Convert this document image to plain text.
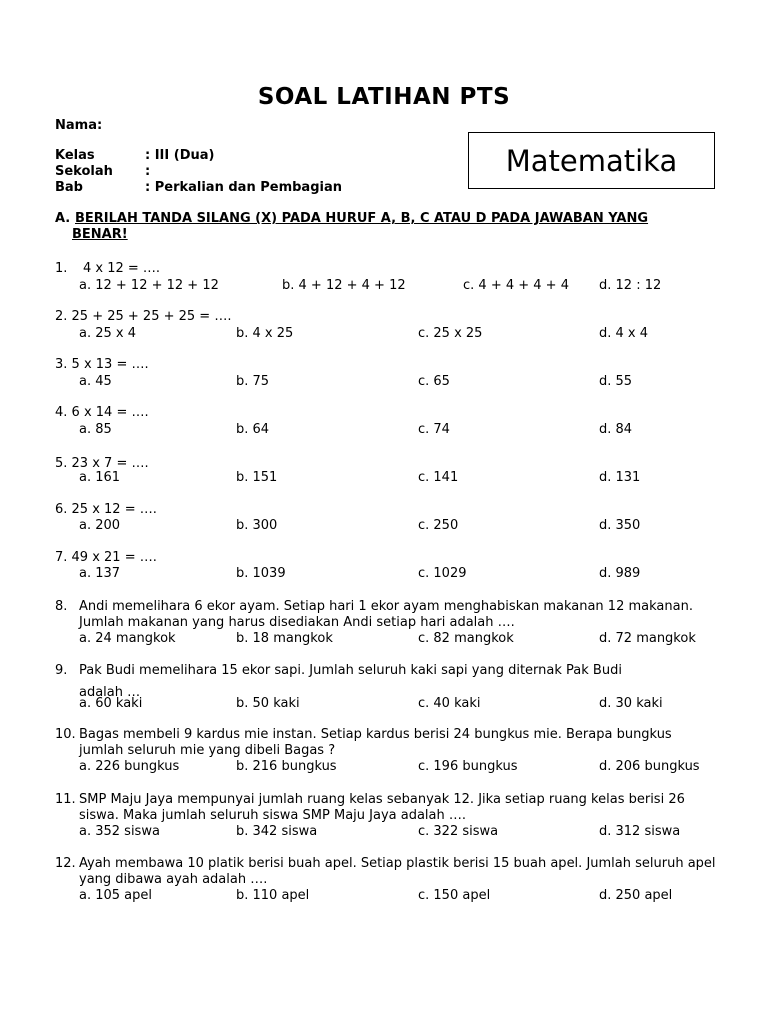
SOAL LATIHAN PTS
Nama:
Kelas	: III (Dua)
Sekolah :
Bab	: Perkalian dan Pembagian
Matematika
A. BERILAH TANDA SILANG (X) PADA HURUF A, B, C ATAU D PADA JAWABAN YANG
BENAR!
1. 4 x 12 = ….
a. 12 + 12 + 12 + 12	b. 4 + 12 + 4 + 12	c. 4 + 4 + 4 + 4 d. 12 : 12
2. 25 + 25 + 25 + 25 = ….
a. 25 x 4	b. 4 x 25	c. 25 x 25	d. 4 x 4
3. 5 x 13 = ….
a. 45	b. 75	c. 65	d. 55
4. 6 x 14 = ….
a. 85	b. 64	c. 74	d. 84
5. 23 x 7 = ….
a. 161	b. 151	c. 141	d. 131
6. 25 x 12 = ….
a. 200	b. 300	c. 250	d. 350
7. 49 x 21 = ….
a. 137	b. 1039	c. 1029	d. 989
8. Andi memelihara 6 ekor ayam. Setiap hari 1 ekor ayam menghabiskan makanan 12 makanan. Jumlah makanan yang harus disediakan Andi setiap hari adalah ….
a. 24 mangkok	b. 18 mangkok	c. 82 mangkok	d. 72 mangkok
9. Pak Budi memelihara 15 ekor sapi. Jumlah seluruh kaki sapi yang diternak Pak Budi
adalah …
a. 60 kaki	b. 50 kaki	c. 40 kaki	d. 30 kaki
10. Bagas membeli 9 kardus mie instan. Setiap kardus berisi 24 bungkus mie. Berapa bungkus jumlah seluruh mie yang dibeli Bagas ?
a. 226 bungkus	b. 216 bungkus	c. 196 bungkus	d. 206 bungkus
11. SMP Maju Jaya mempunyai jumlah ruang kelas sebanyak 12. Jika setiap ruang kelas berisi 26 siswa. Maka jumlah seluruh siswa SMP Maju Jaya adalah ….
a. 352 siswa	b. 342 siswa	c. 322 siswa	d. 312 siswa
12. Ayah membawa 10 platik berisi buah apel. Setiap plastik berisi 15 buah apel. Jumlah seluruh apel yang dibawa ayah adalah ….
a. 105 apel	b. 110 apel	c. 150 apel	d. 250 apel
